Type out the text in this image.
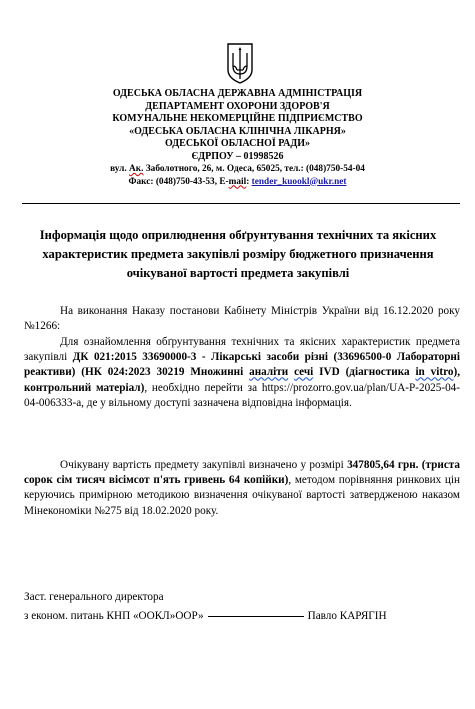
ОДЕСЬКА ОБЛАСНА ДЕРЖАВНА АДМІНІСТРАЦІЯ
ДЕПАРТАМЕНТ ОХОРОНИ ЗДОРОВ'Я
КОМУНАЛЬНЕ НЕКОМЕРЦІЙНЕ ПІДПРИЄМСТВО
«ОДЕСЬКА ОБЛАСНА КЛІНІЧНА ЛІКАРНЯ»
ОДЕСЬКОЇ ОБЛАСНОЇ РАДИ»
ЄДРПОУ – 01998526
вул. Ак. Заболотного, 26, м. Одеса, 65025, тел.: (048)750-54-04
Факс: (048)750-43-53, E-mail: tender_kuookl@ukr.net
Інформація щодо оприлюднення обґрунтування технічних та якісних характеристик предмета закупівлі розміру бюджетного призначення очікуваної вартості предмета закупівлі
На виконання Наказу постанови Кабінету Міністрів України від 16.12.2020 року №1266:
Для ознайомлення обґрунтування технічних та якісних характеристик предмета закупівлі ДК 021:2015 33690000-3 - Лікарські засоби різні (33696500-0 Лабораторні реактиви) (НК 024:2023 30219 Множинні аналіти сечі IVD (діагностика in vitro), контрольний матеріал), необхідно перейти за https://prozorro.gov.ua/plan/UA-P-2025-04-04-006333-a, де у вільному доступі зазначена відповідна інформація.
Очікувану вартість предмету закупівлі визначено у розмірі 347805,64 грн. (триста сорок сім тисяч вісімсот п'ять гривень 64 копійки), методом порівняння ринкових цін керуючись примірною методикою визначення очікуваної вартості затвердженою наказом Мінекономіки №275 від 18.02.2020 року.
Заст. генерального директора
з економ. питань КНП «ООКЛ»ООР»	Павло КАРЯГІН
